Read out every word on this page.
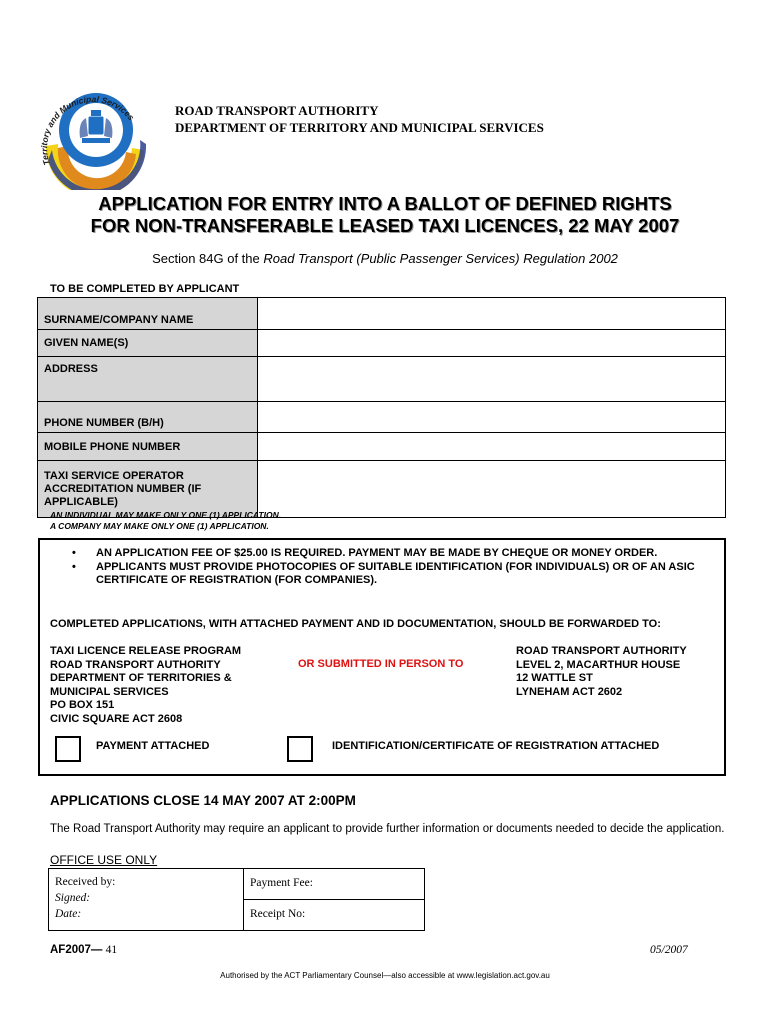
Territory and Municipal Services	ROAD TRANSPORT AUTHORITY
DEPARTMENT OF TERRITORY AND MUNICIPAL SERVICES
APPLICATION FOR ENTRY INTO A BALLOT OF DEFINED RIGHTS
FOR NON-TRANSFERABLE LEASED TAXI LICENCES, 22 MAY 2007
Section 84G of the Road Transport (Public Passenger Services) Regulation 2002
TO BE COMPLETED BY APPLICANT
SURNAME/COMPANY NAME	
GIVEN NAME(S)	
ADDRESS	
PHONE NUMBER (B/H)	
MOBILE PHONE NUMBER	
TAXI SERVICE OPERATOR ACCREDITATION NUMBER (IF APPLICABLE)	
AN INDIVIDUAL MAY MAKE ONLY ONE (1) APPLICATION.
A COMPANY MAY MAKE ONLY ONE (1) APPLICATION.
• AN APPLICATION FEE OF $25.00 IS REQUIRED. PAYMENT MAY BE MADE BY CHEQUE OR MONEY ORDER.
• APPLICANTS MUST PROVIDE PHOTOCOPIES OF SUITABLE IDENTIFICATION (FOR INDIVIDUALS) OR OF AN ASIC CERTIFICATE OF REGISTRATION (FOR COMPANIES).
COMPLETED APPLICATIONS, WITH ATTACHED PAYMENT AND ID DOCUMENTATION, SHOULD BE FORWARDED TO:
TAXI LICENCE RELEASE PROGRAM
ROAD TRANSPORT AUTHORITY
DEPARTMENT OF TERRITORIES &
MUNICIPAL SERVICES
PO BOX 151
CIVIC SQUARE ACT 2608
OR SUBMITTED IN PERSON TO
ROAD TRANSPORT AUTHORITY
LEVEL 2, MACARTHUR HOUSE
12 WATTLE ST
LYNEHAM ACT 2602
PAYMENT ATTACHED	IDENTIFICATION/CERTIFICATE OF REGISTRATION ATTACHED
APPLICATIONS CLOSE 14 MAY 2007 AT 2:00PM
The Road Transport Authority may require an applicant to provide further information or documents needed to decide the application.
OFFICE USE ONLY
Received by:
Signed:
Date:
	Payment Fee:
Receipt No:
AF2007— 41	05/2007
Authorised by the ACT Parliamentary Counsel—also accessible at www.legislation.act.gov.au
